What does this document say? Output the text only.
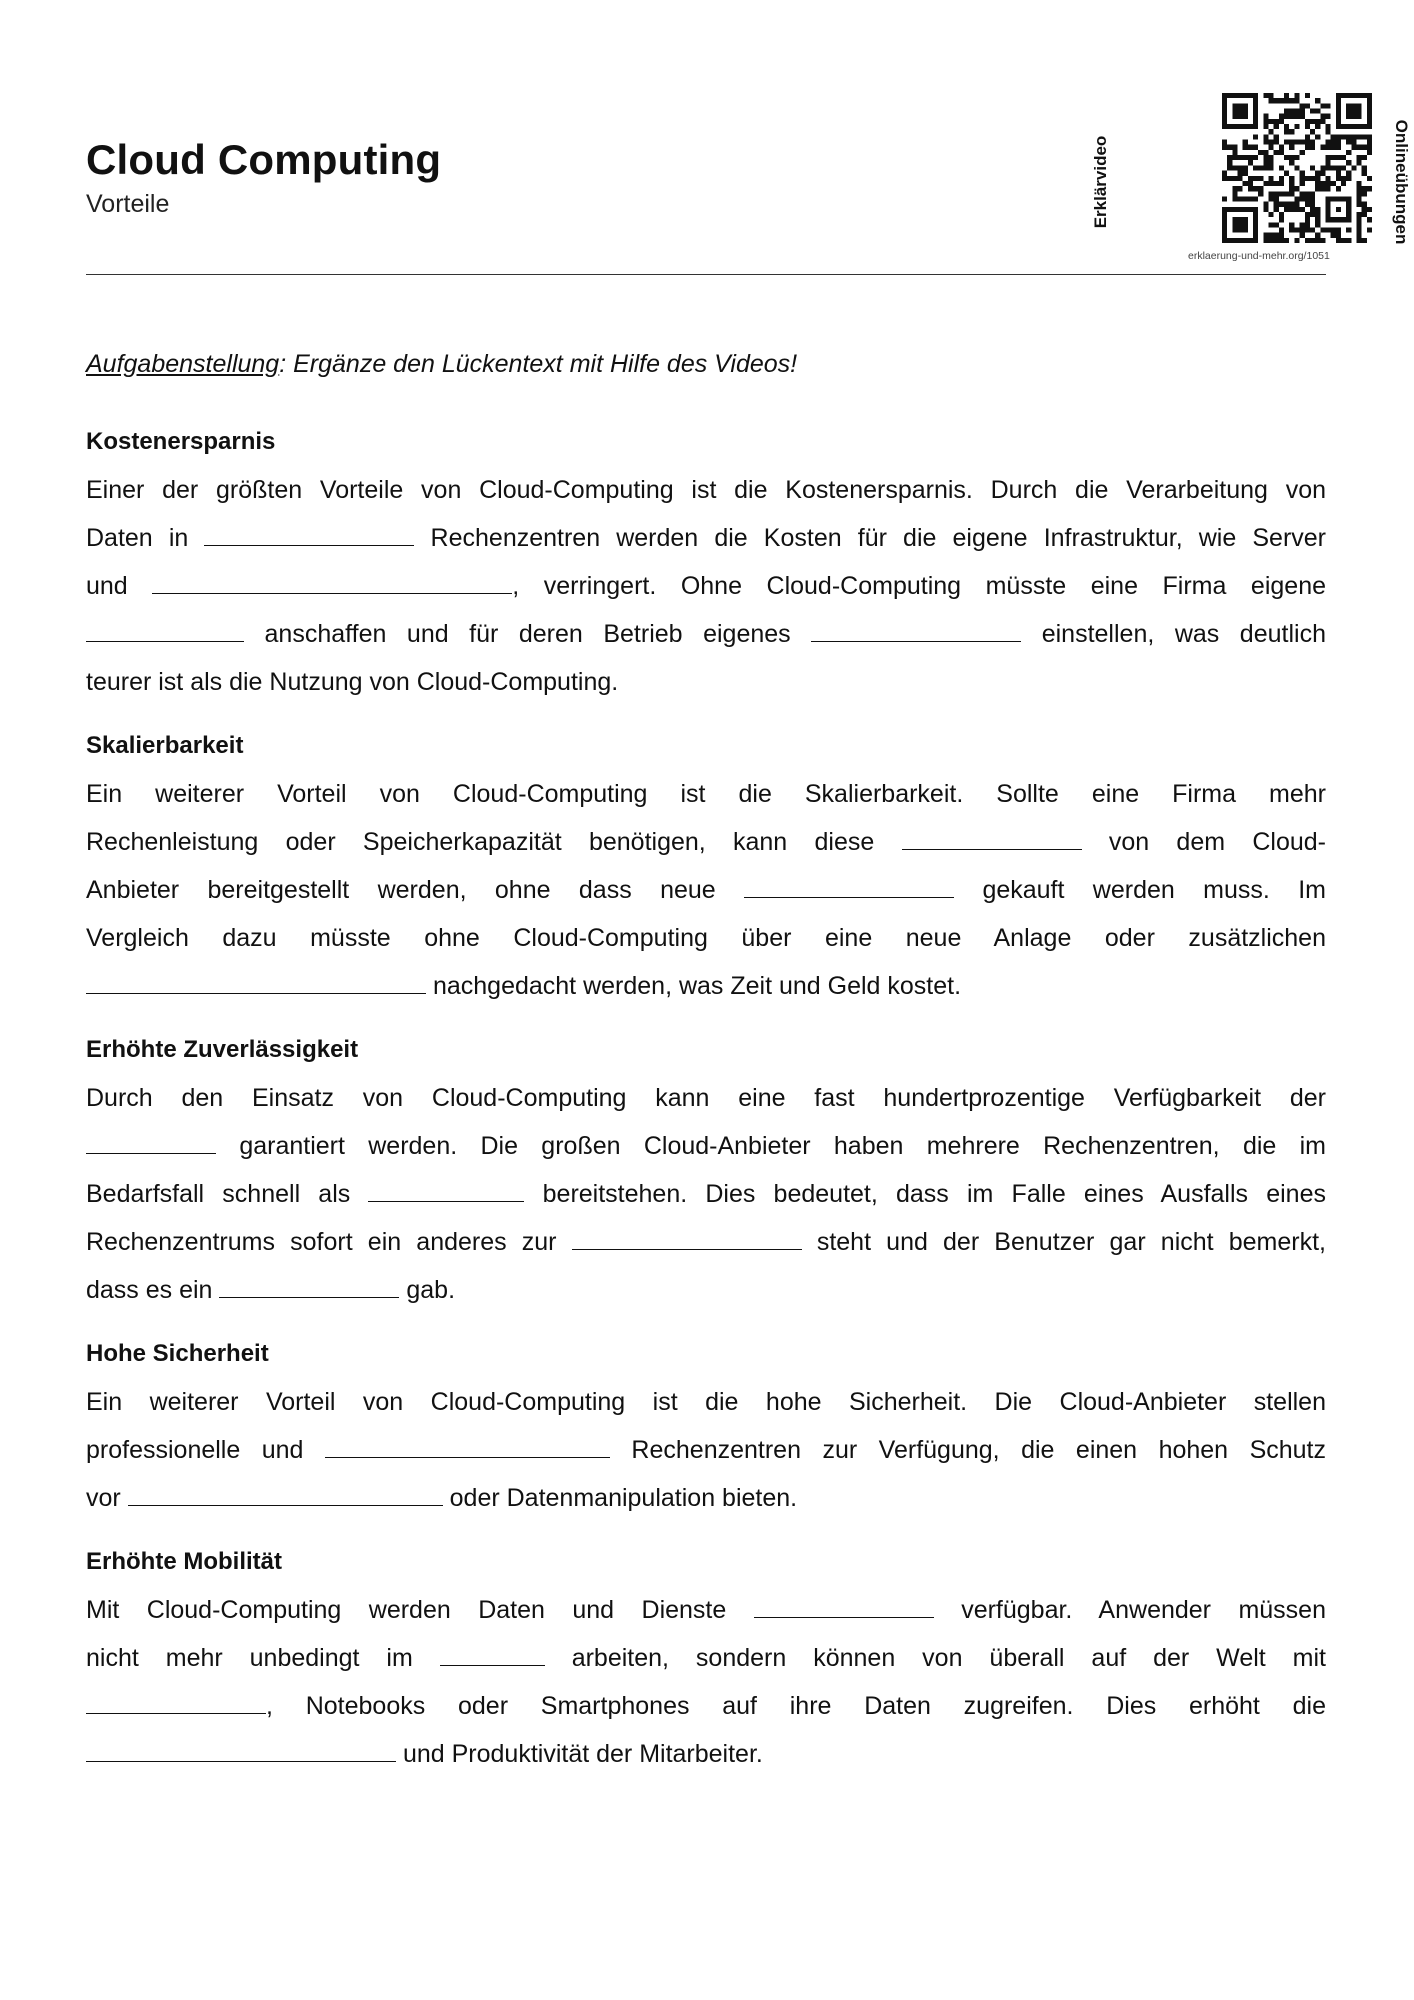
Cloud Computing
Vorteile	Erklärvideo	Onlineübungen
erklaerung-und-mehr.org/1051
Aufgabenstellung: Ergänze den Lückentext mit Hilfe des Videos!
Kostenersparnis
Einer der größten Vorteile von Cloud-Computing ist die Kostenersparnis. Durch die Verarbeitung von
Daten in	Rechenzentren werden die Kosten für die eigene Infrastruktur, wie Server
und	, verringert. Ohne Cloud-Computing müsste eine Firma eigene
anschaffen und für deren Betrieb eigenes	einstellen, was deutlich
teurer ist als die Nutzung von Cloud-Computing.
Skalierbarkeit
Ein weiterer Vorteil von Cloud-Computing ist die Skalierbarkeit. Sollte eine Firma mehr
Rechenleistung oder Speicherkapazität benötigen, kann diese	von dem Cloud-
Anbieter bereitgestellt werden, ohne dass neue	gekauft werden muss. Im
Vergleich dazu müsste ohne Cloud-Computing über eine neue Anlage oder zusätzlichen
nachgedacht werden, was Zeit und Geld kostet.
Erhöhte Zuverlässigkeit
Durch den Einsatz von Cloud-Computing kann eine fast hundertprozentige Verfügbarkeit der
garantiert werden. Die großen Cloud-Anbieter haben mehrere Rechenzentren, die im
Bedarfsfall schnell als	bereitstehen. Dies bedeutet, dass im Falle eines Ausfalls eines
Rechenzentrums sofort ein anderes zur	steht und der Benutzer gar nicht bemerkt,
dass es ein	gab.
Hohe Sicherheit
Ein weiterer Vorteil von Cloud-Computing ist die hohe Sicherheit. Die Cloud-Anbieter stellen
professionelle und	Rechenzentren zur Verfügung, die einen hohen Schutz
vor	oder Datenmanipulation bieten.
Erhöhte Mobilität
Mit Cloud-Computing werden Daten und Dienste	verfügbar. Anwender müssen
nicht mehr unbedingt im	arbeiten, sondern können von überall auf der Welt mit
, Notebooks oder Smartphones auf ihre Daten zugreifen. Dies erhöht die
und Produktivität der Mitarbeiter.
